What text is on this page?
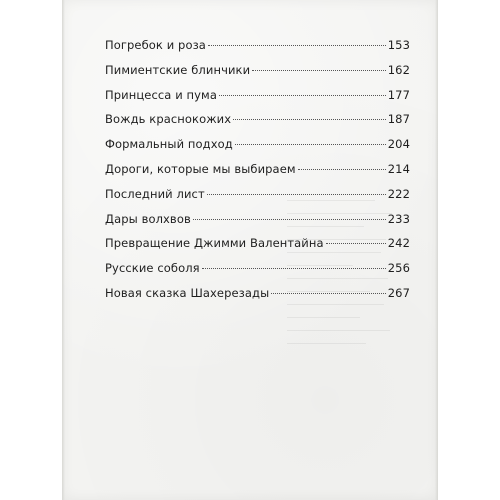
Погребок и роза	153
Пимиентские блинчики	162
Принцесса и пума	177
Вождь краснокожих	187
Формальный подход	204
Дороги, которые мы выбираем	214
Последний лист	222
Дары волхвов	233
Превращение Джимми Валентайна	242
Русские соболя	256
Новая сказка Шахерезады	267
